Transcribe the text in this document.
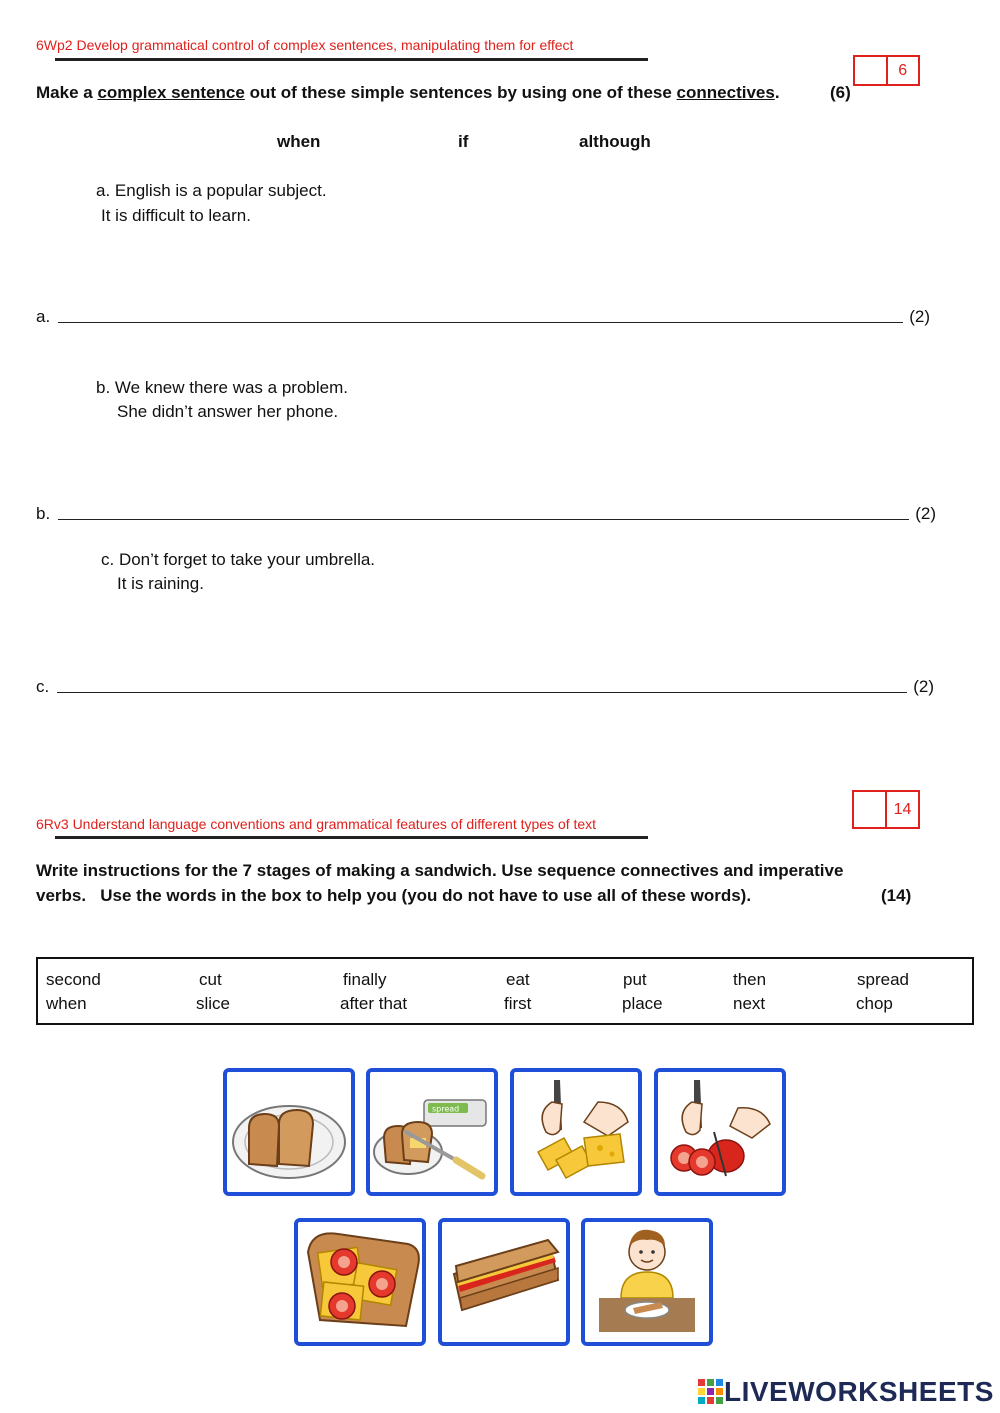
6Wp2 Develop grammatical control of complex sentences, manipulating them for effect
6
Make a complex sentence out of these simple sentences by using one of these connectives.	(6)
when	if	although
a. English is a popular subject.
It is difficult to learn.
a.	(2)
b. We knew there was a problem.
She didn’t answer her phone.
b.	(2)
c. Don’t forget to take your umbrella.
It is raining.
c.	(2)
14
6Rv3 Understand language conventions and grammatical features of different types of text
Write instructions for the 7 stages of making a sandwich. Use sequence connectives and imperative
verbs.   Use the words in the box to help you (you do not have to use all of these words).	(14)
second	cut	finally	eat	put	then	spread
when	slice	after that	first	place	next	chop
spread
LIVEWORKSHEETS
